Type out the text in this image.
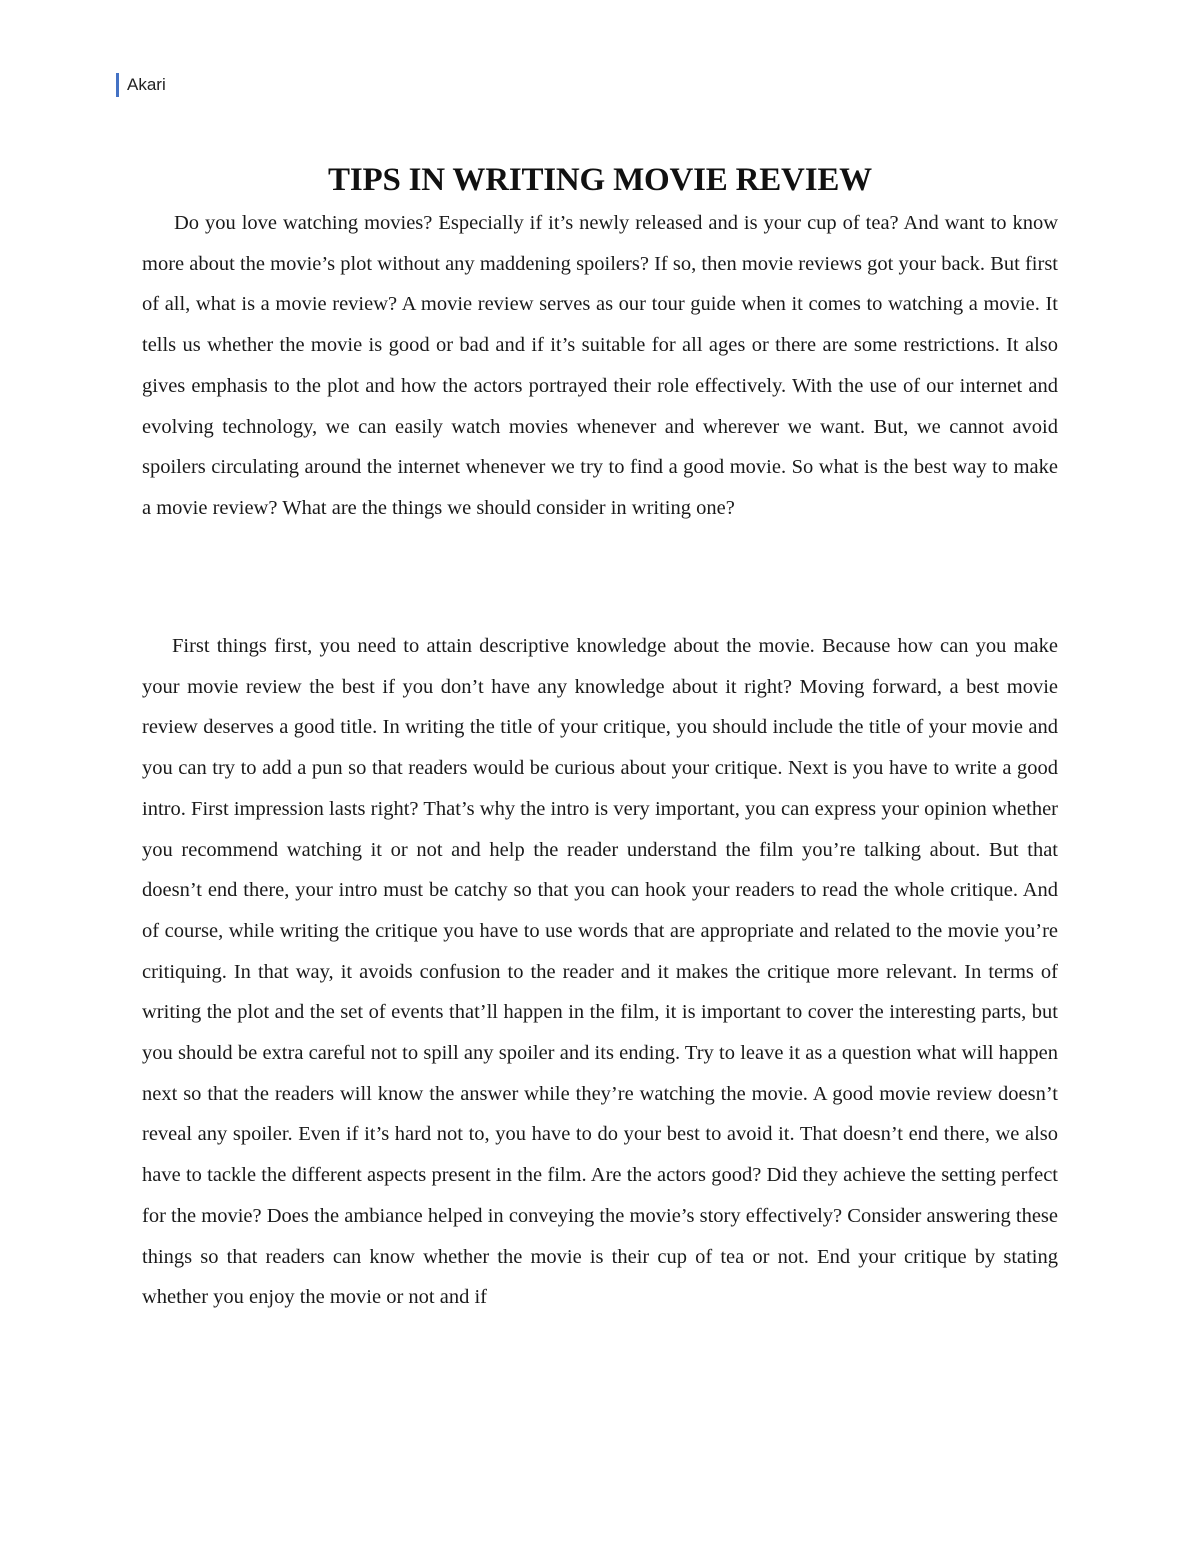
Akari
TIPS IN WRITING MOVIE REVIEW

Do you love watching movies? Especially if it’s newly released and is your cup of tea? And want to know more about the movie’s plot without any maddening spoilers? If so, then movie reviews got your back. But first of all, what is a movie review? A movie review serves as our tour guide when it comes to watching a movie. It tells us whether the movie is good or bad and if it’s suitable for all ages or there are some restrictions. It also gives emphasis to the plot and how the actors portrayed their role effectively. With the use of our internet and evolving technology, we can easily watch movies whenever and wherever we want. But, we cannot avoid spoilers circulating around the internet whenever we try to find a good movie. So what is the best way to make a movie review? What are the things we should consider in writing one?

First things first, you need to attain descriptive knowledge about the movie. Because how can you make your movie review the best if you don’t have any knowledge about it right? Moving forward, a best movie review deserves a good title. In writing the title of your critique, you should include the title of your movie and you can try to add a pun so that readers would be curious about your critique. Next is you have to write a good intro. First impression lasts right? That’s why the intro is very important, you can express your opinion whether you recommend watching it or not and help the reader understand the film you’re talking about. But that doesn’t end there, your intro must be catchy so that you can hook your readers to read the whole critique. And of course, while writing the critique you have to use words that are appropriate and related to the movie you’re critiquing. In that way, it avoids confusion to the reader and it makes the critique more relevant. In terms of writing the plot and the set of events that’ll happen in the film, it is important to cover the interesting parts, but you should be extra careful not to spill any spoiler and its ending. Try to leave it as a question what will happen next so that the readers will know the answer while they’re watching the movie. A good movie review doesn’t reveal any spoiler. Even if it’s hard not to, you have to do your best to avoid it. That doesn’t end there, we also have to tackle the different aspects present in the film. Are the actors good? Did they achieve the setting perfect for the movie? Does the ambiance helped in conveying the movie’s story effectively? Consider answering these things so that readers can know whether the movie is their cup of tea or not. End your critique by stating whether you enjoy the movie or not and if
